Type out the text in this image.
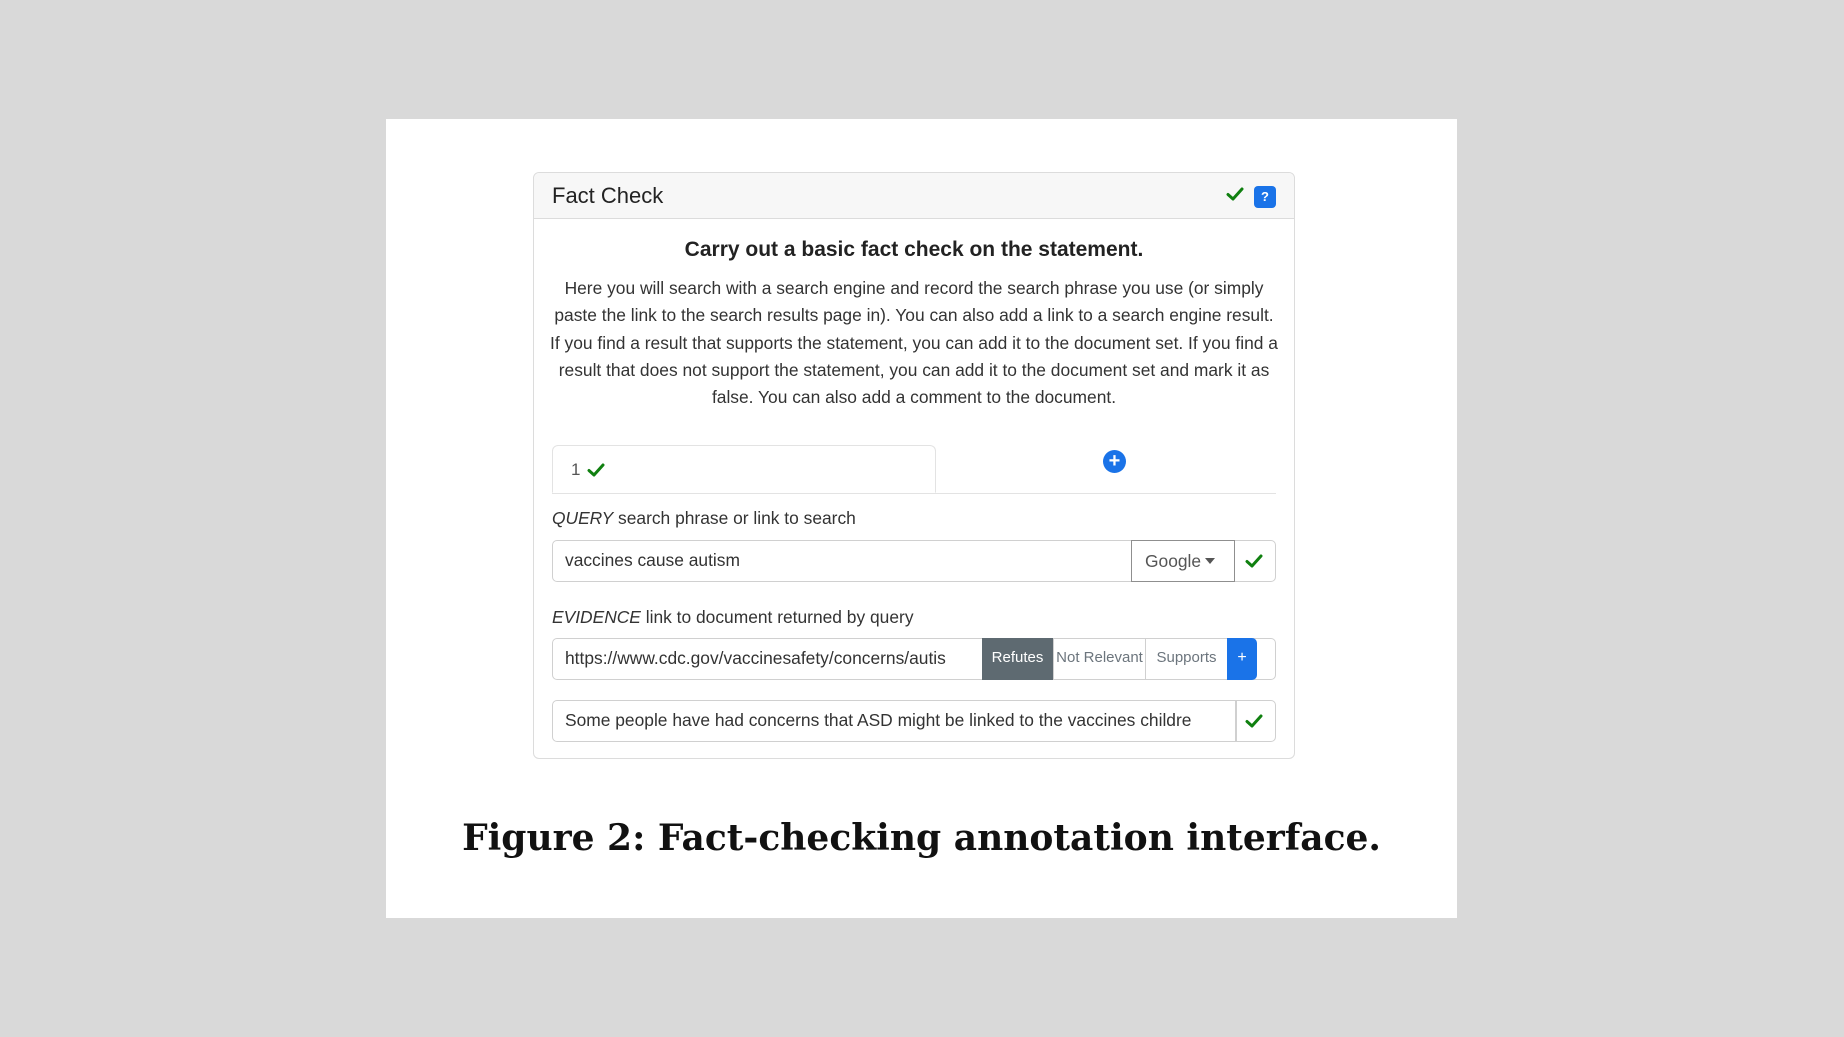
Fact Check	?
Carry out a basic fact check on the statement.
Here you will search with a search engine and record the search phrase you use (or simply paste the link to the search results page in). You can also add a link to a search engine result. If you find a result that supports the statement, you can add it to the document set. If you find a result that does not support the statement, you can add it to the document set and mark it as false. You can also add a comment to the document.
1	+
QUERY search phrase or link to search
vaccines cause autism	Google
EVIDENCE link to document returned by query
https://www.cdc.gov/vaccinesafety/concerns/autis	Refutes Not Relevant Supports	+
Some people have had concerns that ASD might be linked to the vaccines childre
Figure 2: Fact-checking annotation interface.
